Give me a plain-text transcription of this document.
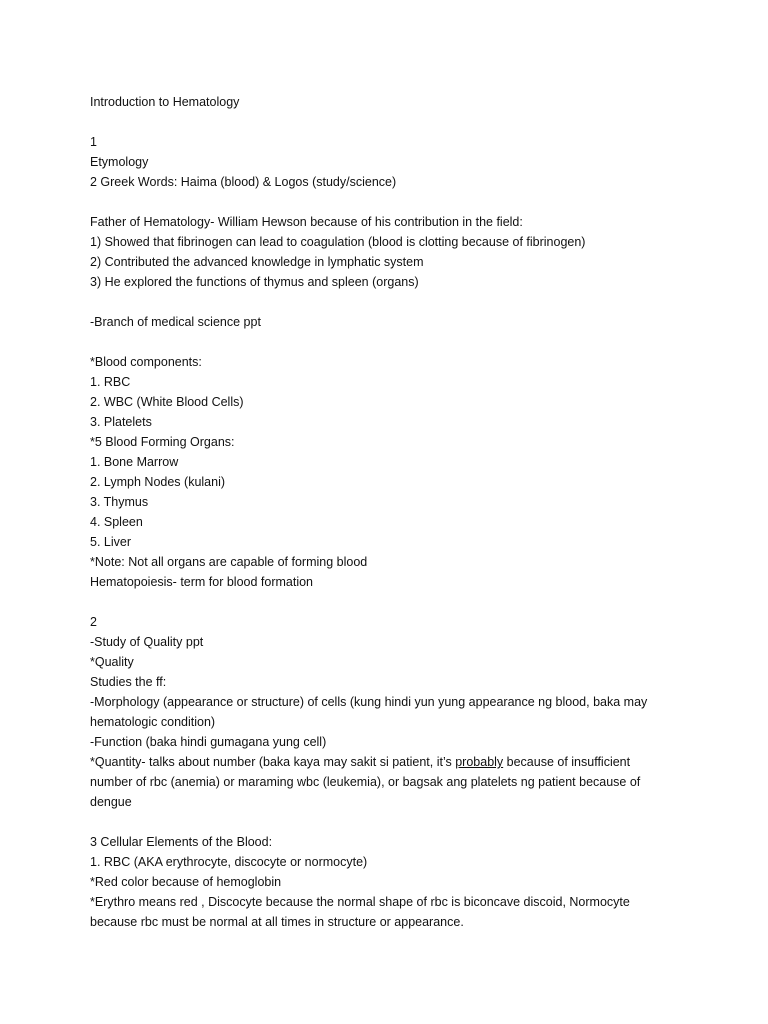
Introduction to Hematology
1
Etymology
2 Greek Words: Haima (blood) & Logos (study/science)
Father of Hematology- William Hewson because of his contribution in the field:
1) Showed that fibrinogen can lead to coagulation (blood is clotting because of fibrinogen)
2) Contributed the advanced knowledge in lymphatic system
3) He explored the functions of thymus and spleen (organs)
-Branch of medical science ppt
*Blood components:
1. RBC
2. WBC (White Blood Cells)
3. Platelets
*5 Blood Forming Organs:
1. Bone Marrow
2. Lymph Nodes (kulani)
3. Thymus
4. Spleen
5. Liver
*Note: Not all organs are capable of forming blood
Hematopoiesis- term for blood formation
2
-Study of Quality ppt
*Quality
Studies the ff:
-Morphology (appearance or structure) of cells (kung hindi yun yung appearance ng blood, baka may
hematologic condition)
-Function (baka hindi gumagana yung cell)
*Quantity- talks about number (baka kaya may sakit si patient, it’s probably because of insufficient
number of rbc (anemia) or maraming wbc (leukemia), or bagsak ang platelets ng patient because of
dengue
3 Cellular Elements of the Blood:
1. RBC (AKA erythrocyte, discocyte or normocyte)
*Red color because of hemoglobin
*Erythro means red , Discocyte because the normal shape of rbc is biconcave discoid, Normocyte
because rbc must be normal at all times in structure or appearance.
